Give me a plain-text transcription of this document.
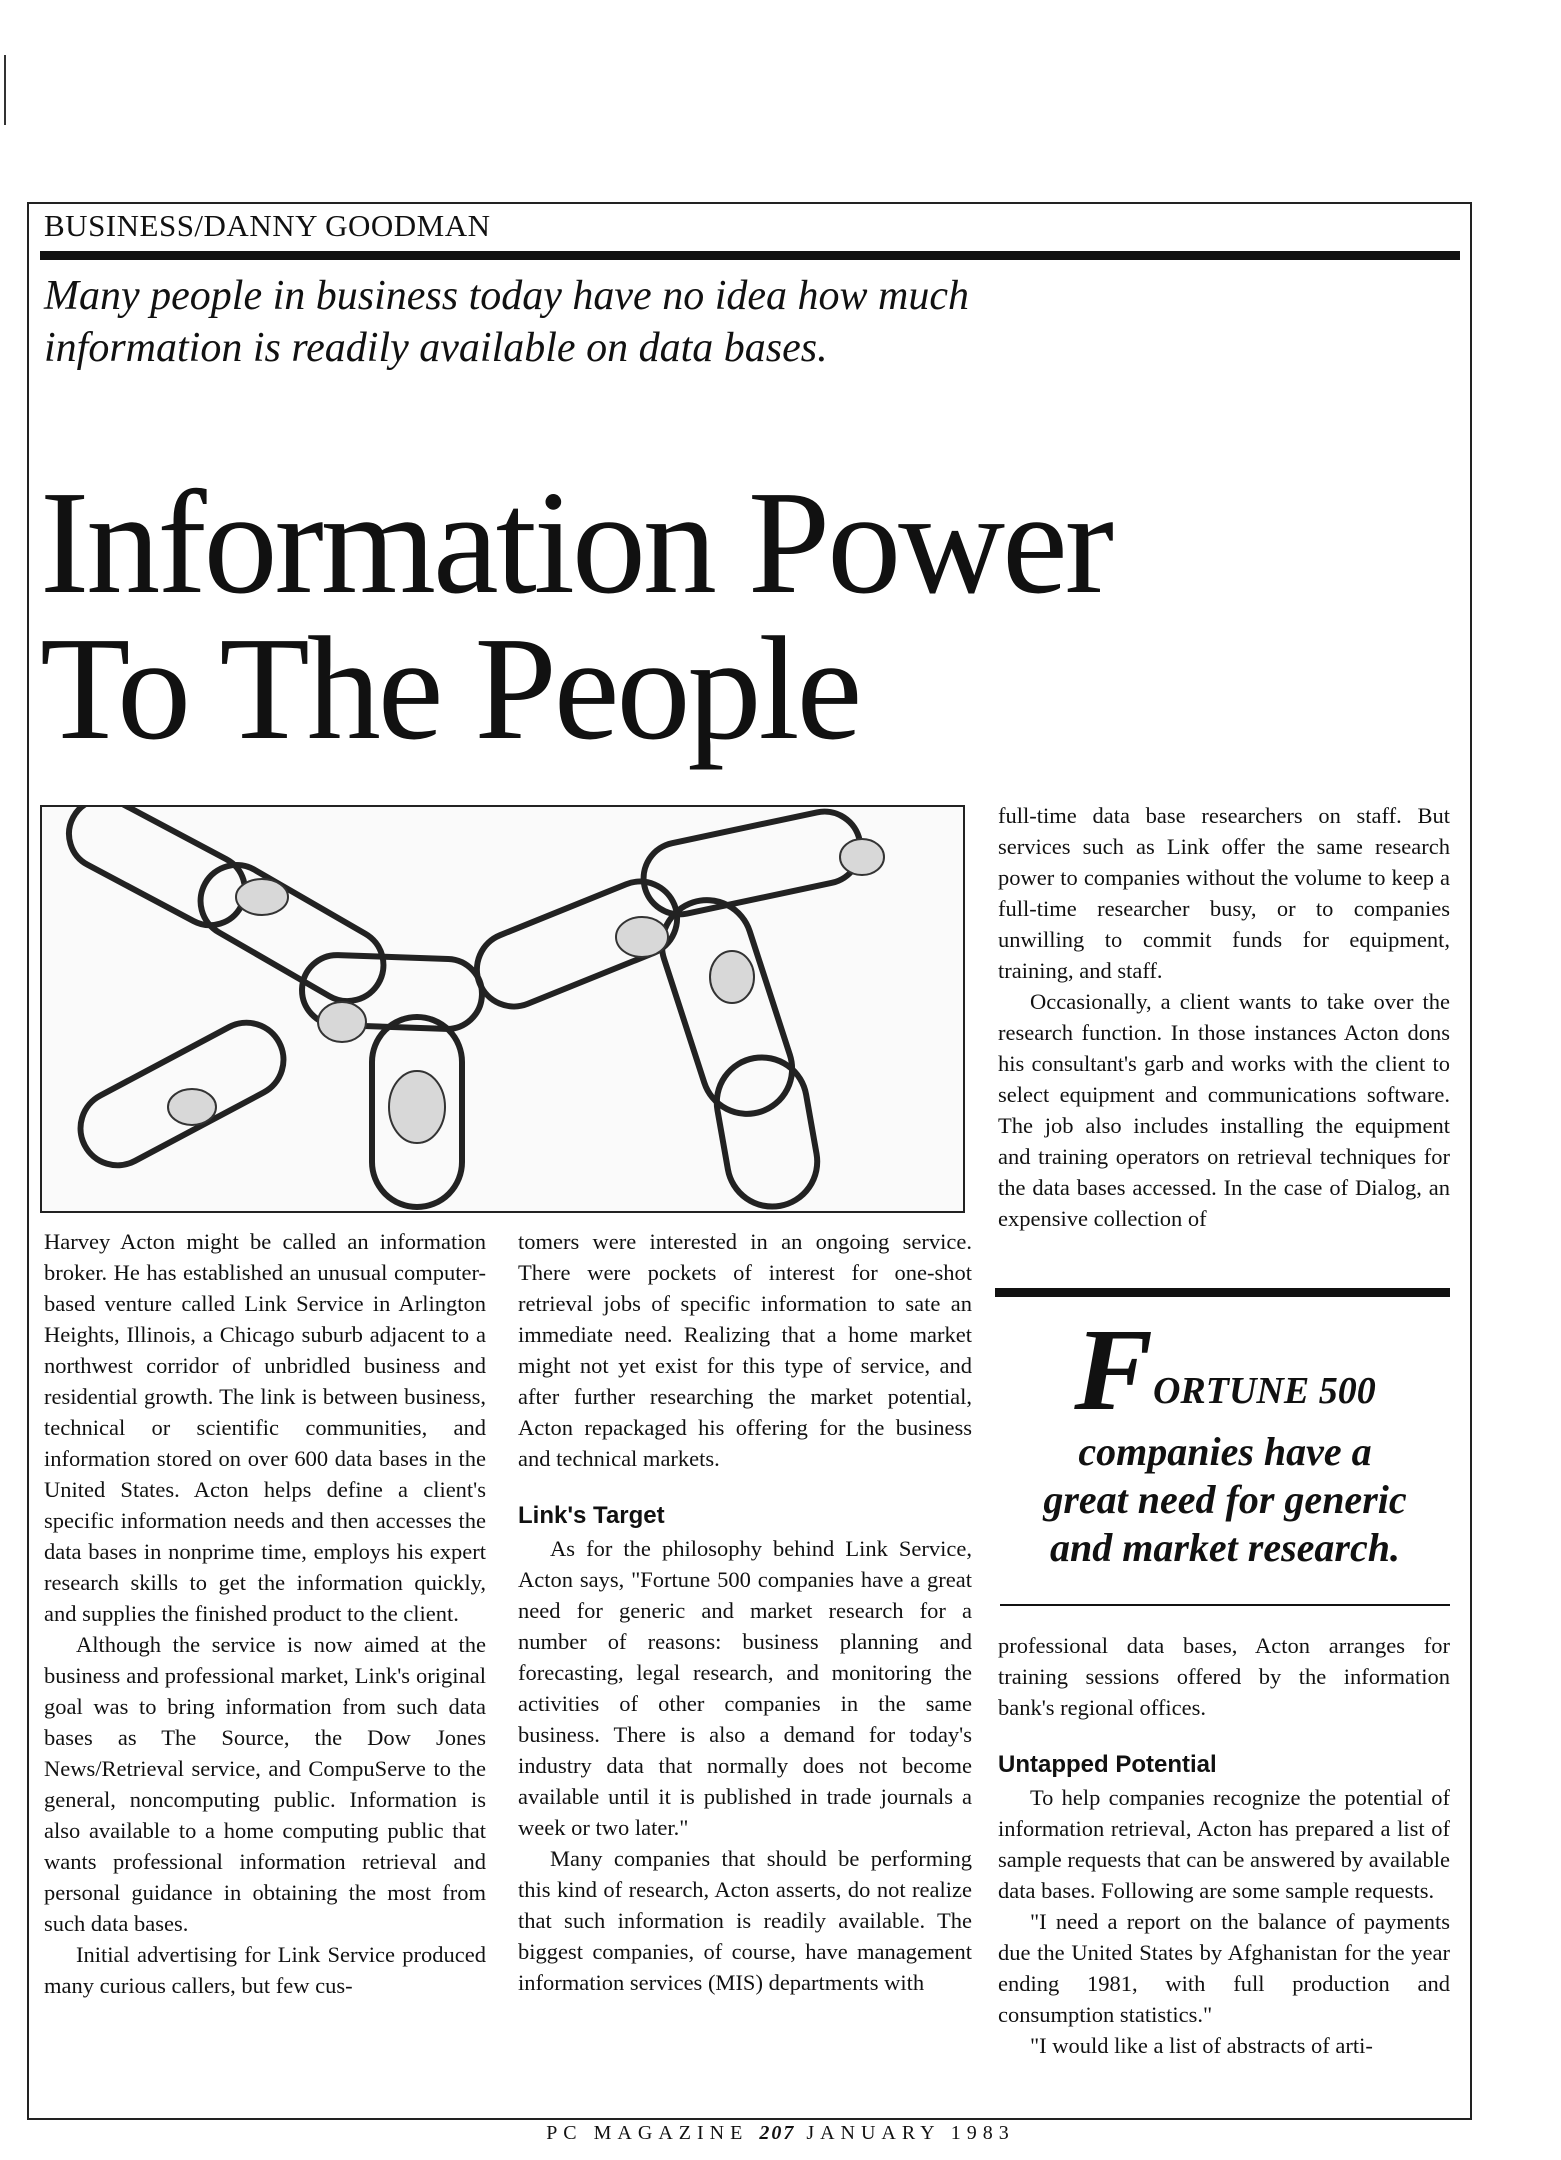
BUSINESS/DANNY GOODMAN
Many people in business today have no idea how much
information is readily available on data bases.
Information Power
To The People

Harvey Acton might be called an information broker. He has established an unusual computer-based venture called Link Service in Arlington Heights, Illinois, a Chicago suburb adjacent to a northwest corridor of unbridled business and residential growth. The link is between business, technical or scientific communities, and information stored on over 600 data bases in the United States. Acton helps define a client's specific information needs and then accesses the data bases in nonprime time, employs his expert research skills to get the information quickly, and supplies the finished product to the client.

Although the service is now aimed at the business and professional market, Link's original goal was to bring information from such data bases as The Source, the Dow Jones News/Retrieval service, and CompuServe to the general, noncomputing public. Information is also available to a home computing public that wants professional information retrieval and personal guidance in obtaining the most from such data bases.

Initial advertising for Link Service produced many curious callers, but few cus-

tomers were interested in an ongoing service. There were pockets of interest for one-shot retrieval jobs of specific information to sate an immediate need. Realizing that a home market might not yet exist for this type of service, and after further researching the market potential, Acton repackaged his offering for the business and technical markets.

Link's Target

As for the philosophy behind Link Service, Acton says, "Fortune 500 companies have a great need for generic and market research for a number of reasons: business planning and forecasting, legal research, and monitoring the activities of other companies in the same business. There is also a demand for today's industry data that normally does not become available until it is published in trade journals a week or two later."

Many companies that should be performing this kind of research, Acton asserts, do not realize that such information is readily available. The biggest companies, of course, have management information services (MIS) departments with

full-time data base researchers on staff. But services such as Link offer the same research power to companies without the volume to keep a full-time researcher busy, or to companies unwilling to commit funds for equipment, training, and staff.

Occasionally, a client wants to take over the research function. In those instances Acton dons his consultant's garb and works with the client to select equipment and communications software. The job also includes installing the equipment and training operators on retrieval techniques for the data bases accessed. In the case of Dialog, an expensive collection of

FORTUNE 500
companies have a
great need for generic
and market research.

professional data bases, Acton arranges for training sessions offered by the information bank's regional offices.

Untapped Potential

To help companies recognize the potential of information retrieval, Acton has prepared a list of sample requests that can be answered by available data bases. Following are some sample requests.

"I need a report on the balance of payments due the United States by Afghanistan for the year ending 1981, with full production and consumption statistics."

"I would like a list of abstracts of arti-

PC MAGAZINE 207 JANUARY 1983
